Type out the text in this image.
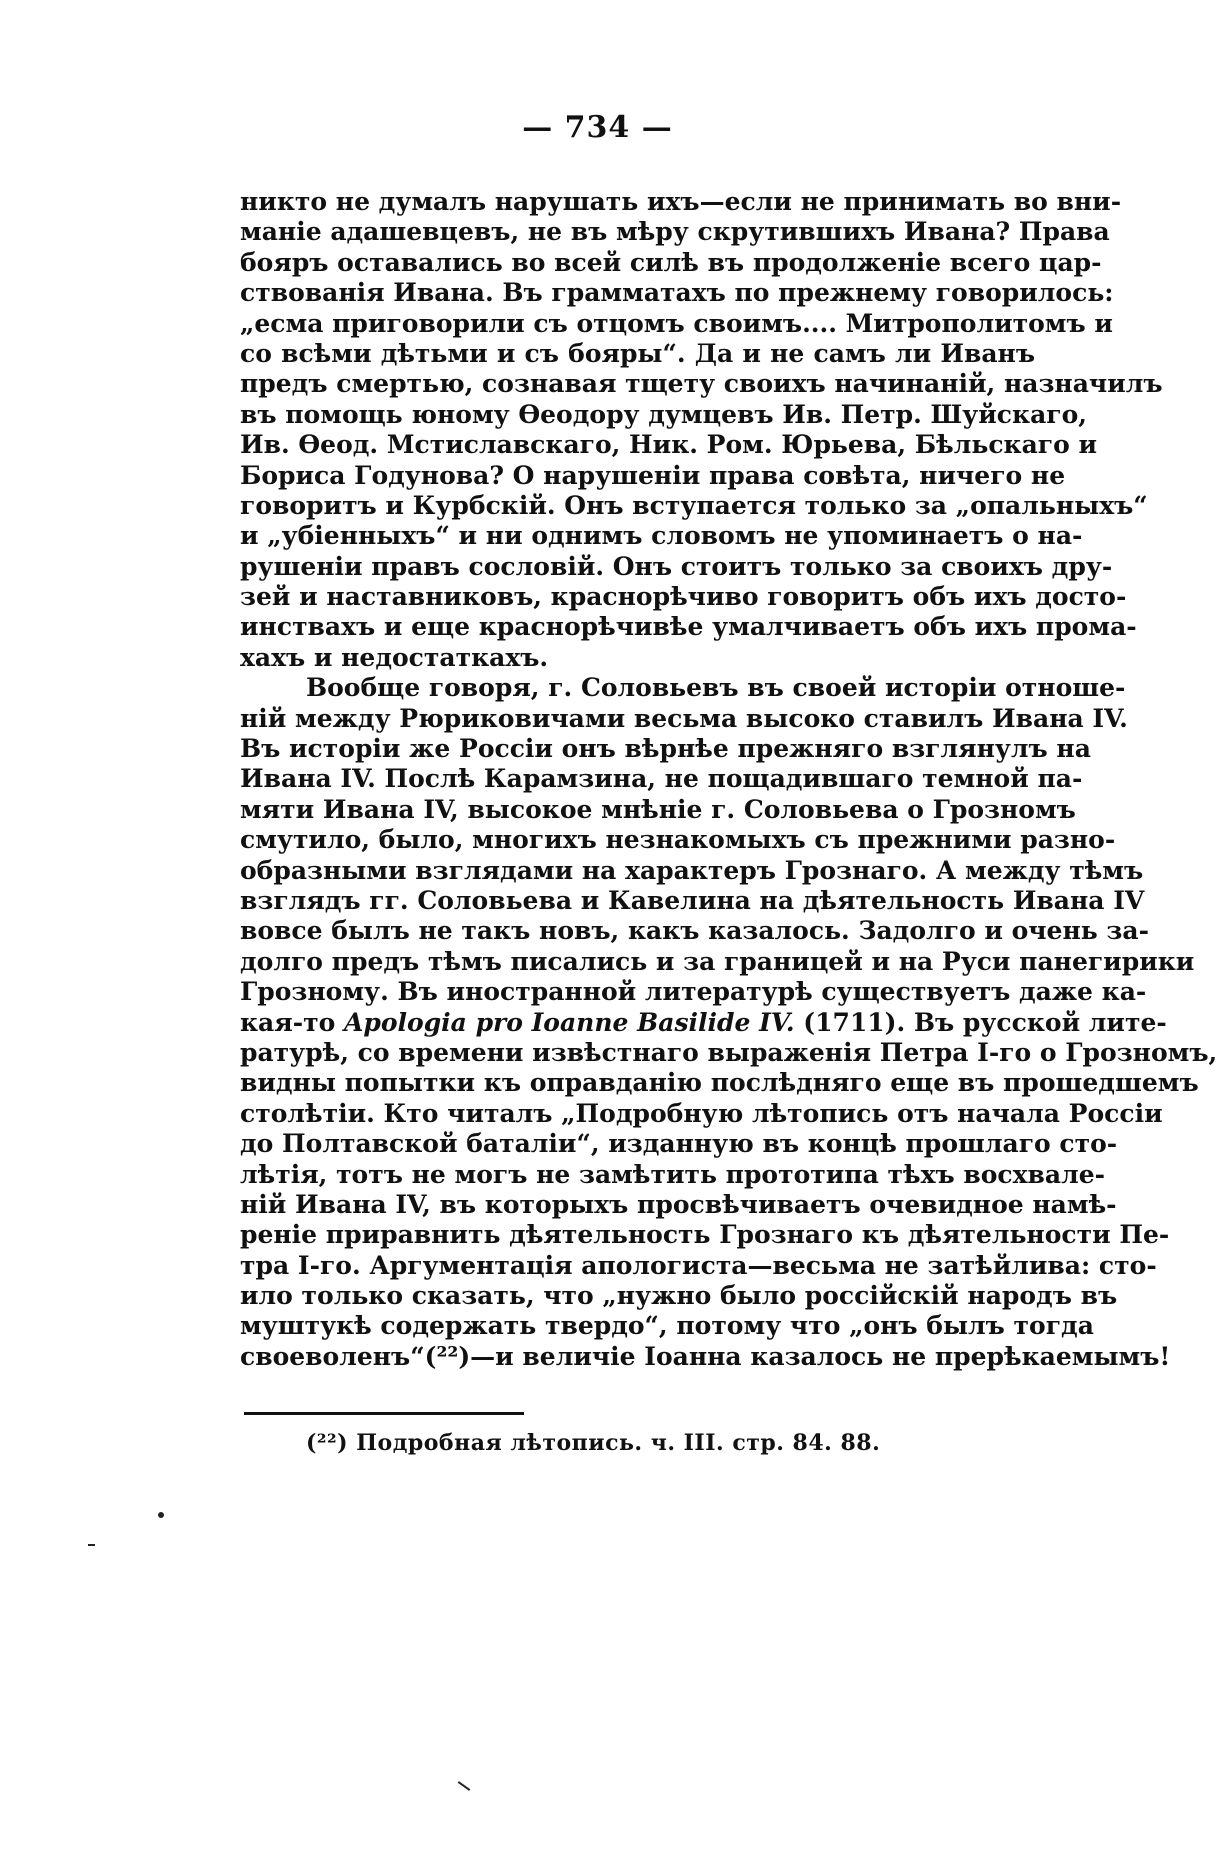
— 734 —
никто не думалъ нарушать ихъ—если не принимать во вни-
маніе адашевцевъ, не въ мѣру скрутившихъ Ивана? Права
бояръ оставались во всей силѣ въ продолженіе всего цар-
ствованія Ивана. Въ грамматахъ по прежнему говорилось:
„есма приговорили съ отцомъ своимъ.... Митрополитомъ и
со всѣми дѣтьми и съ бояры“. Да и не самъ ли Иванъ
предъ смертью, сознавая тщету своихъ начинаній, назначилъ
въ помощь юному Ѳеодору думцевъ Ив. Петр. Шуйскаго,
Ив. Ѳеод. Мстиславскаго, Ник. Ром. Юрьева, Бѣльскаго и
Бориса Годунова? О нарушеніи права совѣта, ничего не
говоритъ и Курбскій. Онъ вступается только за „опальныхъ“
и „убіенныхъ“ и ни однимъ словомъ не упоминаетъ о на-
рушеніи правъ сословій. Онъ стоитъ только за своихъ дру-
зей и наставниковъ, краснорѣчиво говоритъ объ ихъ досто-
инствахъ и еще краснорѣчивѣе умалчиваетъ объ ихъ прома-
хахъ и недостаткахъ.
Вообще говоря, г. Соловьевъ въ своей исторіи отноше-
ній между Рюриковичами весьма высоко ставилъ Ивана IV.
Въ исторіи же Россіи онъ вѣрнѣе прежняго взглянулъ на
Ивана IV. Послѣ Карамзина, не пощадившаго темной па-
мяти Ивана IV, высокое мнѣніе г. Соловьева о Грозномъ
смутило, было, многихъ незнакомыхъ съ прежними разно-
образными взглядами на характеръ Грознаго. А между тѣмъ
взглядъ гг. Соловьева и Кавелина на дѣятельность Ивана IV
вовсе былъ не такъ новъ, какъ казалось. Задолго и очень за-
долго предъ тѣмъ писались и за границей и на Руси панегирики
Грозному. Въ иностранной литературѣ существуетъ даже ка-
кая-то Apologia pro Ioanne Basilide IV. (1711). Въ русской лите-
ратурѣ, со времени извѣстнаго выраженія Петра I-го о Грозномъ,
видны попытки къ оправданію послѣдняго еще въ прошедшемъ
столѣтіи. Кто читалъ „Подробную лѣтопись отъ начала Россіи
до Полтавской баталіи“, изданную въ концѣ прошлаго сто-
лѣтія, тотъ не могъ не замѣтить прототипа тѣхъ восхвале-
ній Ивана IV, въ которыхъ просвѣчиваетъ очевидное намѣ-
реніе приравнить дѣятельность Грознаго къ дѣятельности Пе-
тра I-го. Аргументація апологиста—весьма не затѣйлива: сто-
ило только сказать, что „нужно было россійскій народъ въ
муштукѣ содержать твердо“, потому что „онъ былъ тогда
своеволенъ“(²²)—и величіе Іоанна казалось не прерѣкаемымъ!
(²²) Подробная лѣтопись. ч. III. стр. 84. 88.
